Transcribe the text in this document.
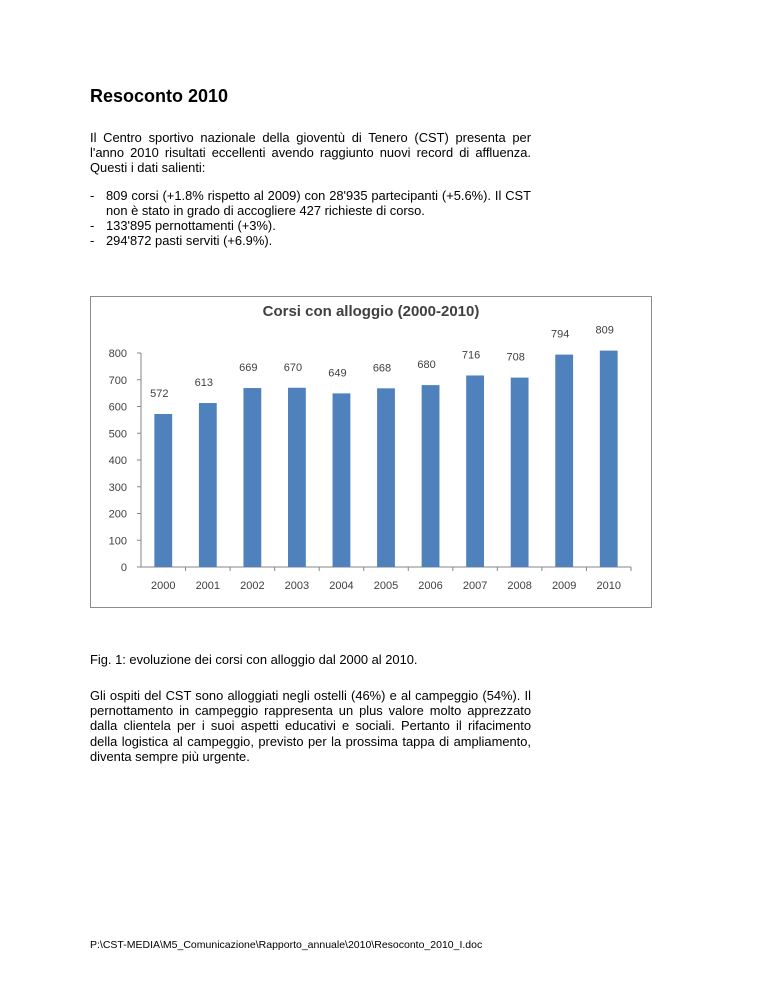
Resoconto 2010

Il Centro sportivo nazionale della gioventù di Tenero (CST) presenta per l'anno 2010 risultati eccellenti avendo raggiunto nuovi record di affluenza. Questi i dati salienti:

- 809 corsi (+1.8% rispetto al 2009) con 28'935 partecipanti (+5.6%). Il CST non è stato in grado di accogliere 427 richieste di corso.
- 133'895 pernottamenti (+3%).
- 294'872 pasti serviti (+6.9%).
Corsi con alloggio (2000-2010)
0
100
200
300
400
500
600
700
800
2000 2001 2002 2003 2004 2005 2006 2007 2008 2009 2010
572
613
669 670 649 668 680
716 708
794 809
Fig. 1: evoluzione dei corsi con alloggio dal 2000 al 2010.
Gli ospiti del CST sono alloggiati negli ostelli (46%) e al campeggio (54%). Il pernottamento in campeggio rappresenta un plus valore molto apprezzato dalla clientela per i suoi aspetti educativi e sociali. Pertanto il rifacimento della logistica al campeggio, previsto per la prossima tappa di ampliamento, diventa sempre più urgente.
P:\CST-MEDIA\M5_Comunicazione\Rapporto_annuale\2010\Resoconto_2010_I.doc
